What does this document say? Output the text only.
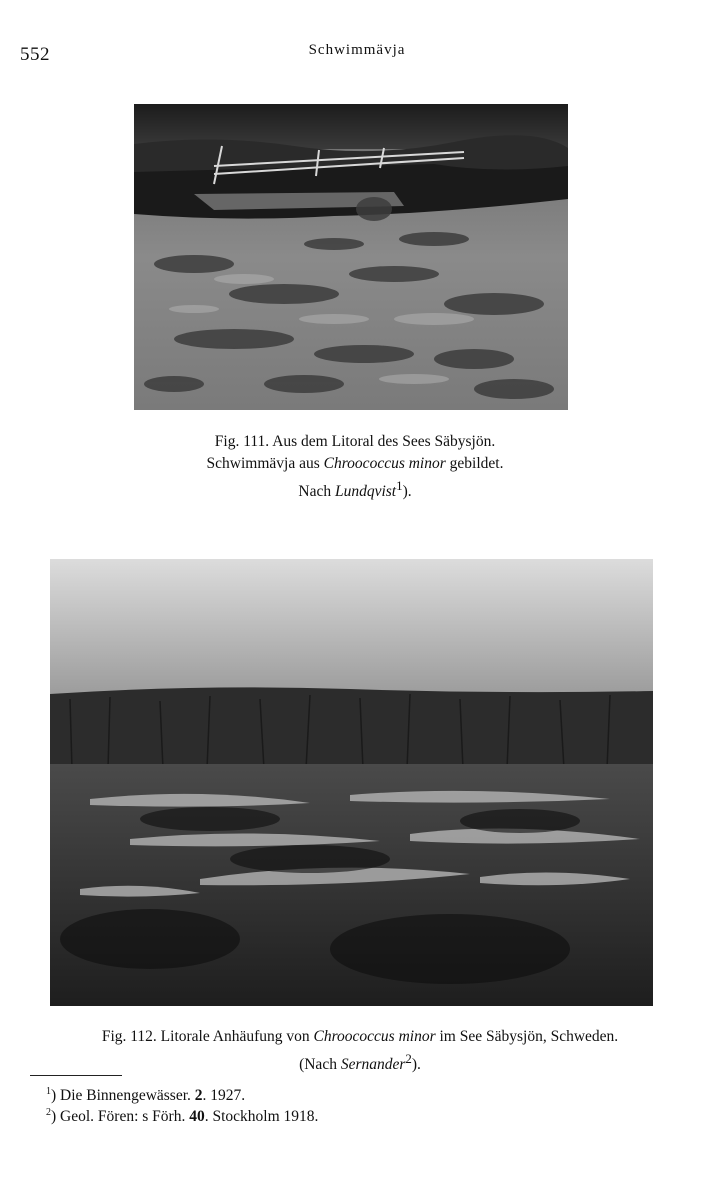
552	Schwimmävja
Fig. 111. Aus dem Litoral des Sees Säbysjön.
Schwimmävja aus Chroococcus minor gebildet.
Nach Lundqvist$^1$).
Fig. 112. Litorale Anhäufung von Chroococcus minor im See Säbysjön, Schweden.
(Nach Sernander$^2$).
$^1$) Die Binnengewässer. 2. 1927.
$^2$) Geol. Fören: s Förh. 40. Stockholm 1918.
